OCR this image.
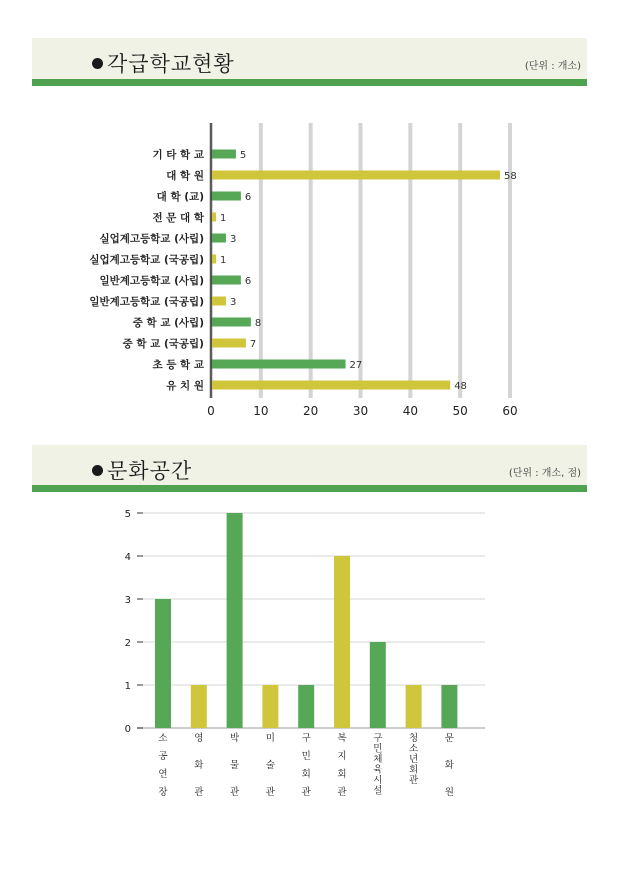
각급학교현황	(단위 : 개소)
기 타 학 교	5
대 학 원	58
대 학 (교)	6
전 문 대 학 1
실업계고등학교 (사립)	3
실업계고등학교 (국공립) 1
일반계고등학교 (사립)	6
일반계고등학교 (국공립)	3
중 학 교 (사립)	8
중 학 교 (국공립)	7
초 등 학 교	27
유 치 원	48
0	10	20	30	40	50	60
문화공간	(단위 : 개소, 점)
0
1
2
3
4
5
소
공
연
장
영
화
관
박
물
관
미
술
관
구
민
회
관
복
지
회
관
구
민
체
육
시
설
청
소
년
회
관
문
화
원
